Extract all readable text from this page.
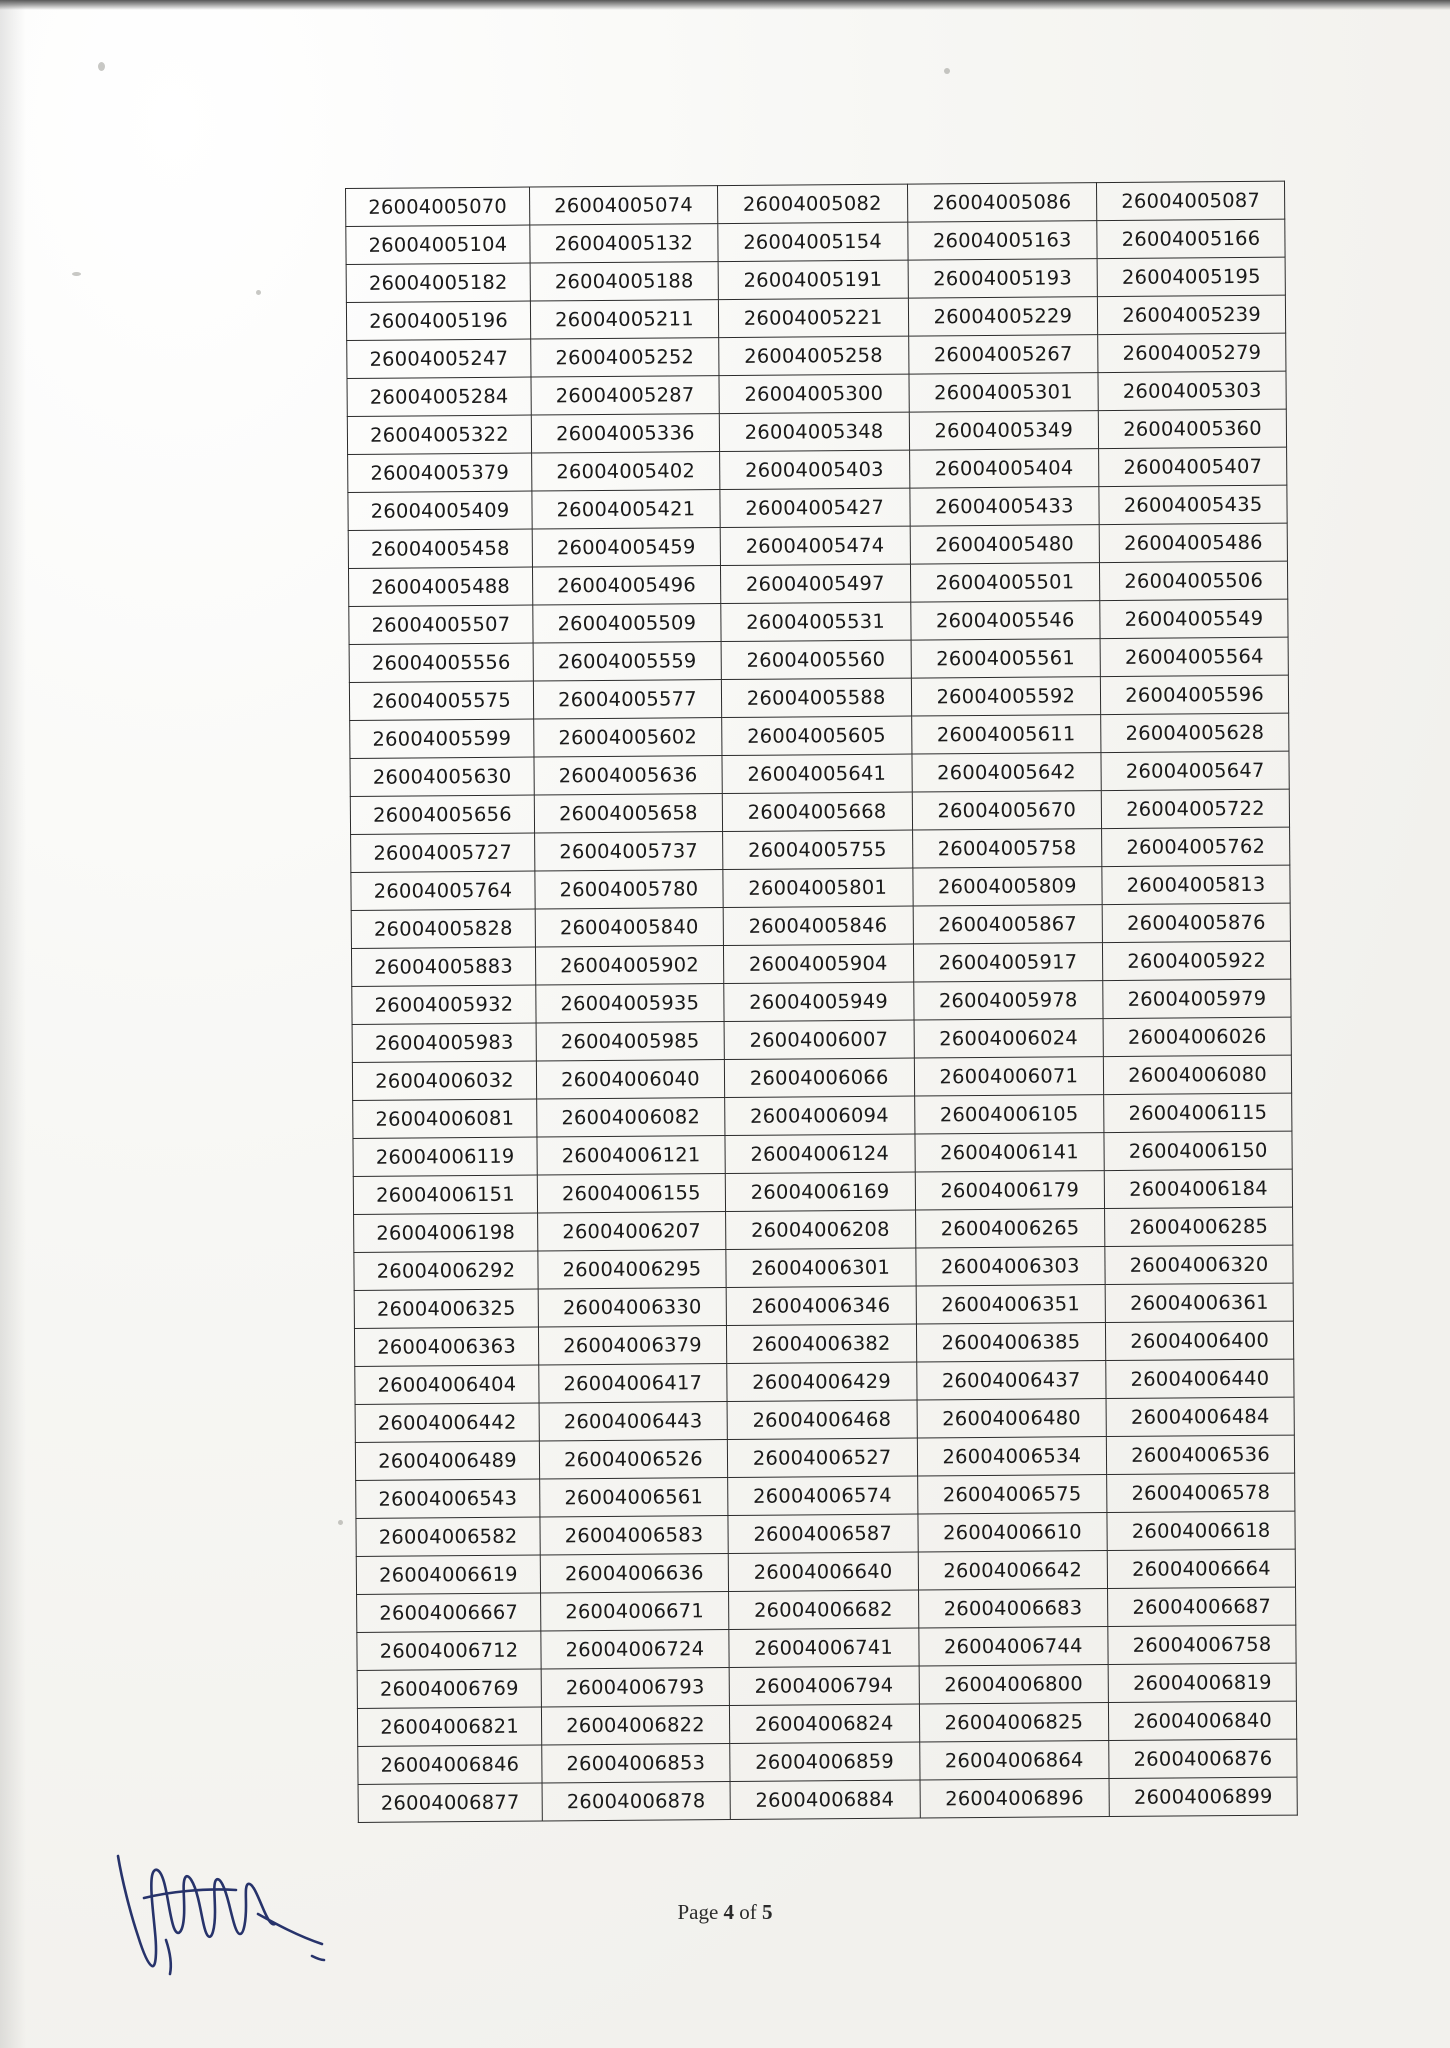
26004005070	26004005074	26004005082	26004005086	26004005087
26004005104	26004005132	26004005154	26004005163	26004005166
26004005182	26004005188	26004005191	26004005193	26004005195
26004005196	26004005211	26004005221	26004005229	26004005239
26004005247	26004005252	26004005258	26004005267	26004005279
26004005284	26004005287	26004005300	26004005301	26004005303
26004005322	26004005336	26004005348	26004005349	26004005360
26004005379	26004005402	26004005403	26004005404	26004005407
26004005409	26004005421	26004005427	26004005433	26004005435
26004005458	26004005459	26004005474	26004005480	26004005486
26004005488	26004005496	26004005497	26004005501	26004005506
26004005507	26004005509	26004005531	26004005546	26004005549
26004005556	26004005559	26004005560	26004005561	26004005564
26004005575	26004005577	26004005588	26004005592	26004005596
26004005599	26004005602	26004005605	26004005611	26004005628
26004005630	26004005636	26004005641	26004005642	26004005647
26004005656	26004005658	26004005668	26004005670	26004005722
26004005727	26004005737	26004005755	26004005758	26004005762
26004005764	26004005780	26004005801	26004005809	26004005813
26004005828	26004005840	26004005846	26004005867	26004005876
26004005883	26004005902	26004005904	26004005917	26004005922
26004005932	26004005935	26004005949	26004005978	26004005979
26004005983	26004005985	26004006007	26004006024	26004006026
26004006032	26004006040	26004006066	26004006071	26004006080
26004006081	26004006082	26004006094	26004006105	26004006115
26004006119	26004006121	26004006124	26004006141	26004006150
26004006151	26004006155	26004006169	26004006179	26004006184
26004006198	26004006207	26004006208	26004006265	26004006285
26004006292	26004006295	26004006301	26004006303	26004006320
26004006325	26004006330	26004006346	26004006351	26004006361
26004006363	26004006379	26004006382	26004006385	26004006400
26004006404	26004006417	26004006429	26004006437	26004006440
26004006442	26004006443	26004006468	26004006480	26004006484
26004006489	26004006526	26004006527	26004006534	26004006536
26004006543	26004006561	26004006574	26004006575	26004006578
26004006582	26004006583	26004006587	26004006610	26004006618
26004006619	26004006636	26004006640	26004006642	26004006664
26004006667	26004006671	26004006682	26004006683	26004006687
26004006712	26004006724	26004006741	26004006744	26004006758
26004006769	26004006793	26004006794	26004006800	26004006819
26004006821	26004006822	26004006824	26004006825	26004006840
26004006846	26004006853	26004006859	26004006864	26004006876
26004006877	26004006878	26004006884	26004006896	26004006899
Page 4 of 5
